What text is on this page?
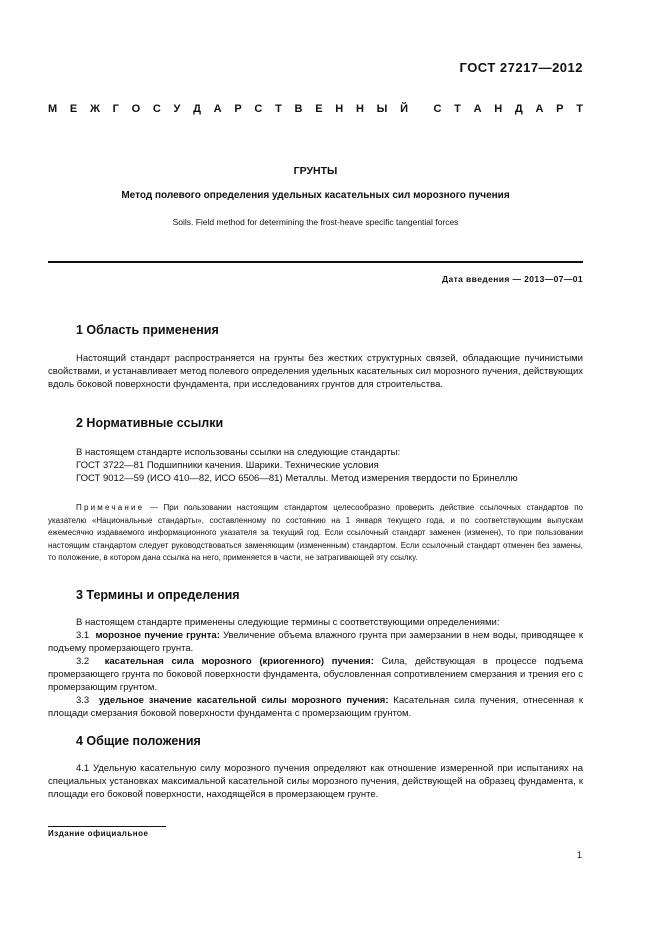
ГОСТ 27217—2012
М Е Ж Г О С У Д А Р С Т В Е Н Н Ы Й С Т А Н Д А Р Т
ГРУНТЫ
Метод полевого определения удельных касательных сил морозного пучения
Soils. Field method for determining the frost-heave specific tangential forces
Дата введения — 2013—07—01
1 Область применения

Настоящий стандарт распространяется на грунты без жестких структурных связей, обладающие пучинистыми свойствами, и устанавливает метод полевого определения удельных касательных сил морозного пучения, действующих вдоль боковой поверхности фундамента, при исследованиях грунтов для строительства.

2 Нормативные ссылки

В настоящем стандарте использованы ссылки на следующие стандарты:

ГОСТ 3722—81 Подшипники качения. Шарики. Технические условия

ГОСТ 9012—59 (ИСО 410—82, ИСО 6506—81) Металлы. Метод измерения твердости по Бринеллю

Примечание — При пользовании настоящим стандартом целесообразно проверить действие ссылочных стандартов по указателю «Национальные стандарты», составленному по состоянию на 1 января текущего года, и по соответствующим выпускам ежемесячно издаваемого информационного указателя за текущий год. Если ссылочный стандарт заменен (изменен), то при пользовании настоящим стандартом следует руководствоваться заменяющим (измененным) стандартом. Если ссылочный стандарт отменен без замены, то положение, в котором дана ссылка на него, применяется в части, не затрагивающей эту ссылку.

3 Термины и определения

В настоящем стандарте применены следующие термины с соответствующими определениями:

3.1 морозное пучение грунта: Увеличение объема влажного грунта при замерзании в нем воды, приводящее к подъему промерзающего грунта.

3.2 касательная сила морозного (криогенного) пучения: Сила, действующая в процессе подъема промерзающего грунта по боковой поверхности фундамента, обусловленная сопротивлением смерзания и трения его с промерзающим грунтом.

3.3 удельное значение касательной силы морозного пучения: Касательная сила пучения, отнесенная к площади смерзания боковой поверхности фундамента с промерзающим грунтом.

4 Общие положения

4.1 Удельную касательную силу морозного пучения определяют как отношение измеренной при испытаниях на специальных установках максимальной касательной силы морозного пучения, действующей на образец фундамента, к площади его боковой поверхности, находящейся в промерзающем грунте.

Издание официальное
1
